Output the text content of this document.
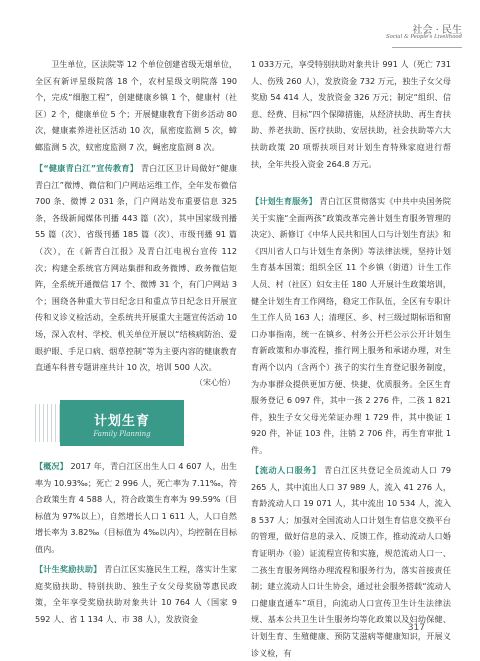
社会 · 民生
Social & People's Livelihood

卫生单位，区法院等 12 个单位创建省级无烟单位，全区有新评星级院落 18 个，农村星级文明院落 190 个，完成“细胞工程”，创建健康乡镇 1 个，健康村（社区）2 个，健康单位 5 个；开展健康教育下街乡活动 80 次，健康素养进社区活动 10 次，鼠密度监测 5 次，蟑螂监测 5 次，蚊密度监测 7 次，蝇密度监测 8 次。

【“健康青白江”宣传教育】 青白江区卫计局做好“健康青白江”微博、微信和门户网站运维工作，全年发布微信 700 条、微博 2 031 条，门户网站发布重要信息 325 条，各级新闻媒体刊播 443 篇（次），其中国家级刊播 55 篇（次）、省级刊播 185 篇（次）、市级刊播 91 篇（次），在《新青白江报》及青白江电视台宣传 112 次；构建全系统官方网站集群和政务微博、政务微信矩阵，全系统开通微信 17 个、微博 31 个，有门户网站 3 个；围绕各种重大节日纪念日和重点节日纪念日开展宣传和义诊义检活动，全系统共开展重大主题宣传活动 10 场，深入农村、学校、机关单位开展以“结核病防治、爱眼护眼、手足口病、烟草控制”等为主要内容的健康教育直通车科普专题讲座共计 10 次，培训 500 人次。

（宋心怡）
计划生育
Family Planning

【概况】 2017 年，青白江区出生人口 4 607 人，出生率为 10.93‰；死亡 2 996 人，死亡率为 7.11‰，符合政策生育 4 588 人，符合政策生育率为 99.59%（目标值为 97%以上），自然增长人口 1 611 人，人口自然增长率为 3.82‰（目标值为 4‰以内），均控制在目标值内。

【计生奖励扶助】 青白江区实施民生工程，落实计生家庭奖励扶助、特别扶助、独生子女父母奖励等惠民政策，全年享受奖励扶助对象共计 10 764 人（国家 9 592 人、省 1 134 人、市 38 人），发放资金

1 033万元，享受特别扶助对象共计 991 人（死亡 731 人、伤残 260 人），发放资金 732 万元，独生子女父母奖励 54 414 人，发放资金 326 万元；制定“组织、信息、经费、目标”四个保障措施，从经济扶助、再生育扶助、养老扶助、医疗扶助、安居扶助，社会扶助等六大扶助政策 20 项帮扶项目对计划生育特殊家庭进行帮扶，全年共投入资金 264.8 万元。

【计划生育服务】 青白江区贯彻落实《中共中央国务院关于实施“全面两孩”政策改革完善计划生育服务管理的决定》、新修订《中华人民共和国人口与计划生育法》和《四川省人口与计划生育条例》等法律法规，坚持计划生育基本国策；组织全区 11 个乡镇（街道）计生工作人员、村（社区）妇女主任 180 人开展计生政策培训，健全计划生育工作网络，稳定工作队伍，全区有专职计生工作人员 163 人；清理区、乡、村三级过期标语和窗口办事指南，统一在镇乡、村务公开栏公示公开计划生育新政策和办事流程，推行网上服务和承诺办理，对生育两个以内（含两个）孩子的实行生育登记服务制度，为办事群众提供更加方便、快捷、优质服务。全区生育服务登记 6 097 件，其中一孩 2 276 件，二孩 1 821 件，独生子女父母光荣证办理 1 729 件，其中换证 1 920 件，补证 103 件，注销 2 706 件，再生育审批 1 件。

【流动人口服务】 青白江区共登记全员流动人口 79 265 人，其中流出人口 37 989 人，流入 41 276 人，育龄流动人口 19 071 人，其中流出 10 534 人，流入 8 537 人；加强对全国流动人口计划生育信息交换平台的管理，做好信息的录入、反馈工作，推动流动人口婚育证明办（验）证流程宣传和实施，规范流动人口一、二孩生育服务网络办理流程和服务行为，落实首接责任制；建立流动人口计生协会，通过社会服务搭载“流动人口健康直通车”项目，向流动人口宣传卫生计生法律法规、基本公共卫生计生服务均等化政策以及妇幼保健、计划生育、生殖健康、预防艾滋病等健康知识，开展义诊义检，有

317
